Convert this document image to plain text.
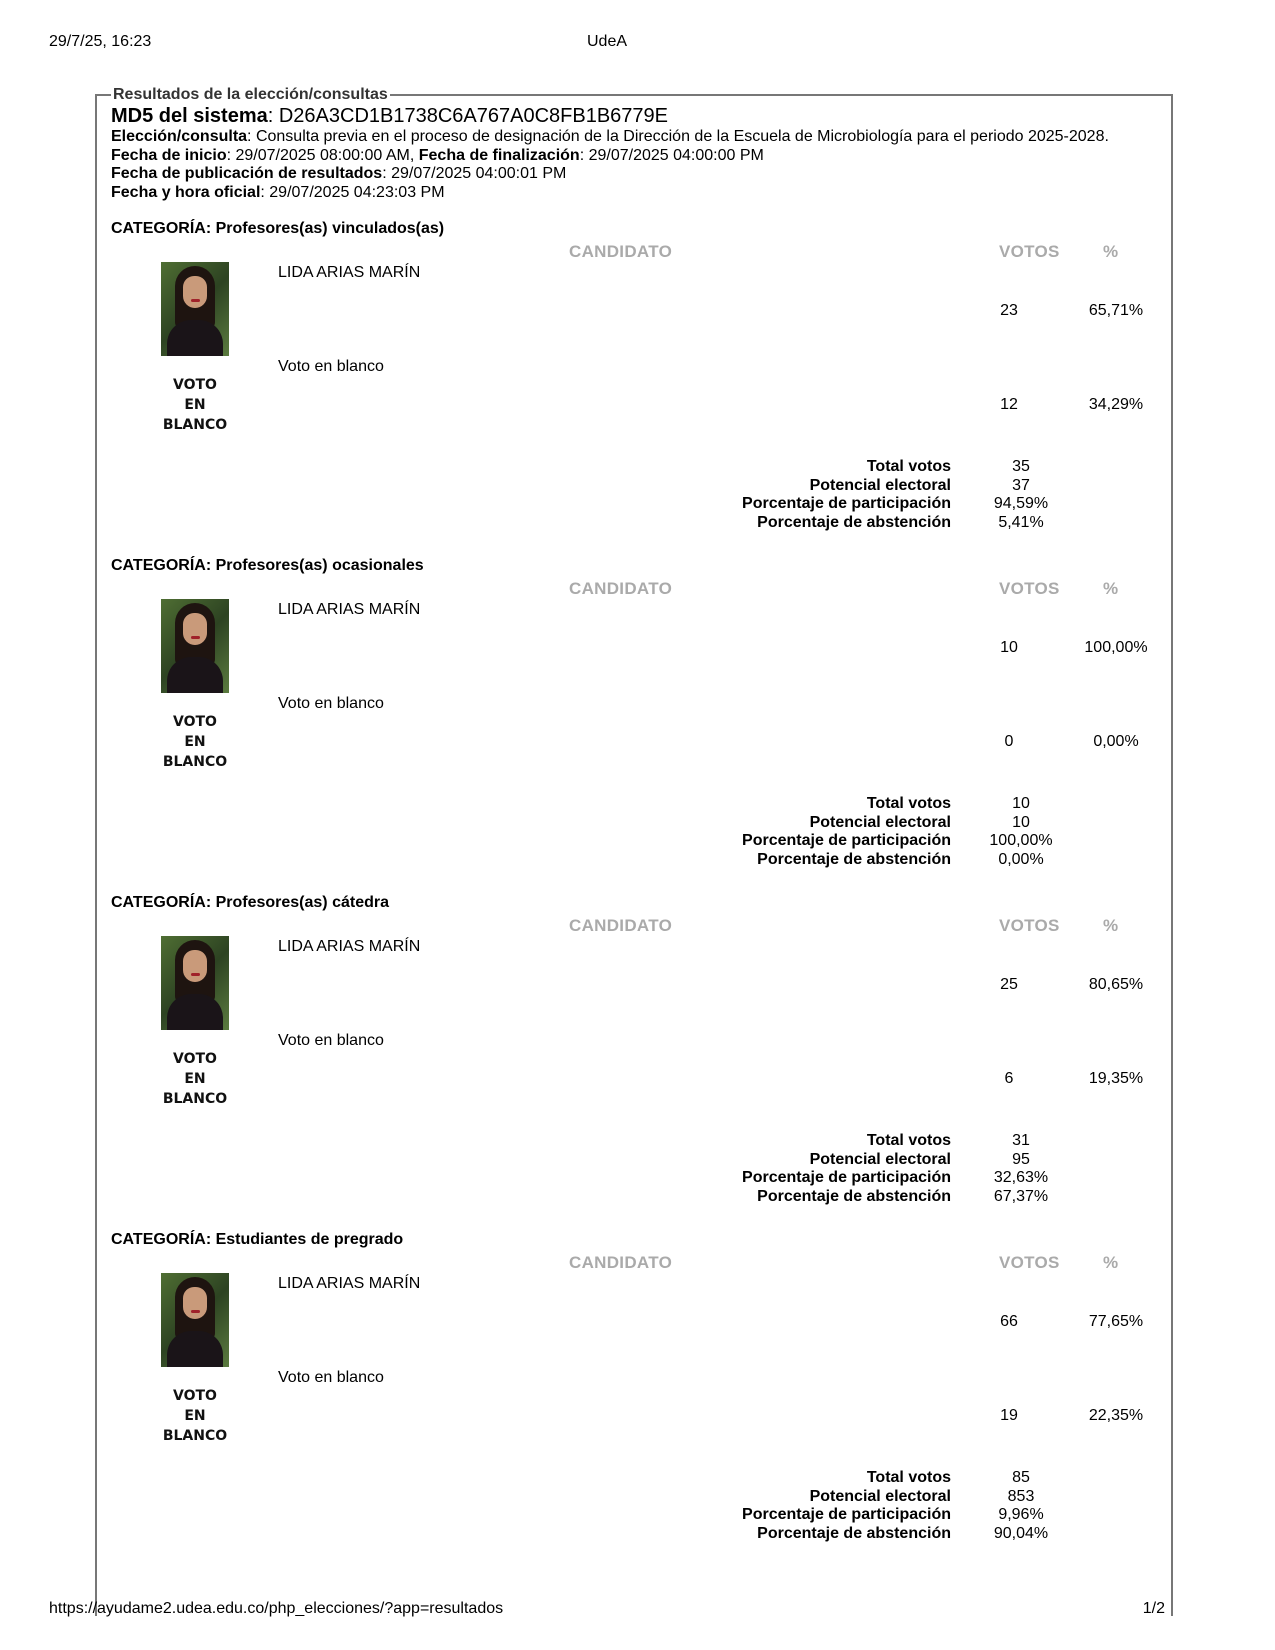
29/7/25, 16:23	UdeA
Resultados de la elección/consultas
MD5 del sistema: D26A3CD1B1738C6A767A0C8FB1B6779E
Elección/consulta: Consulta previa en el proceso de designación de la Dirección de la Escuela de Microbiología para el periodo 2025-2028.
Fecha de inicio: 29/07/2025 08:00:00 AM, Fecha de finalización: 29/07/2025 04:00:00 PM
Fecha de publicación de resultados: 29/07/2025 04:00:01 PM
Fecha y hora oficial: 29/07/2025 04:23:03 PM
CATEGORÍA: Profesores(as) vinculados(as)
CANDIDATO	VOTOS	%
LIDA ARIAS MARÍN
23	65,71%
VOTO
EN
BLANCO
Voto en blanco
12	34,29%
Total votos	35
Potencial electoral	37
Porcentaje de participación	94,59%
Porcentaje de abstención	5,41%
CATEGORÍA: Profesores(as) ocasionales
CANDIDATO	VOTOS	%
LIDA ARIAS MARÍN
10	100,00%
VOTO
EN
BLANCO
Voto en blanco
0	0,00%
Total votos	10
Potencial electoral	10
Porcentaje de participación	100,00%
Porcentaje de abstención	0,00%
CATEGORÍA: Profesores(as) cátedra
CANDIDATO	VOTOS	%
LIDA ARIAS MARÍN
25	80,65%
VOTO
EN
BLANCO
Voto en blanco
6	19,35%
Total votos	31
Potencial electoral	95
Porcentaje de participación	32,63%
Porcentaje de abstención	67,37%
CATEGORÍA: Estudiantes de pregrado
CANDIDATO	VOTOS	%
LIDA ARIAS MARÍN
66	77,65%
VOTO
EN
BLANCO
Voto en blanco
19	22,35%
Total votos	85
Potencial electoral	853
Porcentaje de participación	9,96%
Porcentaje de abstención	90,04%
https://ayudame2.udea.edu.co/php_elecciones/?app=resultados	1/2
